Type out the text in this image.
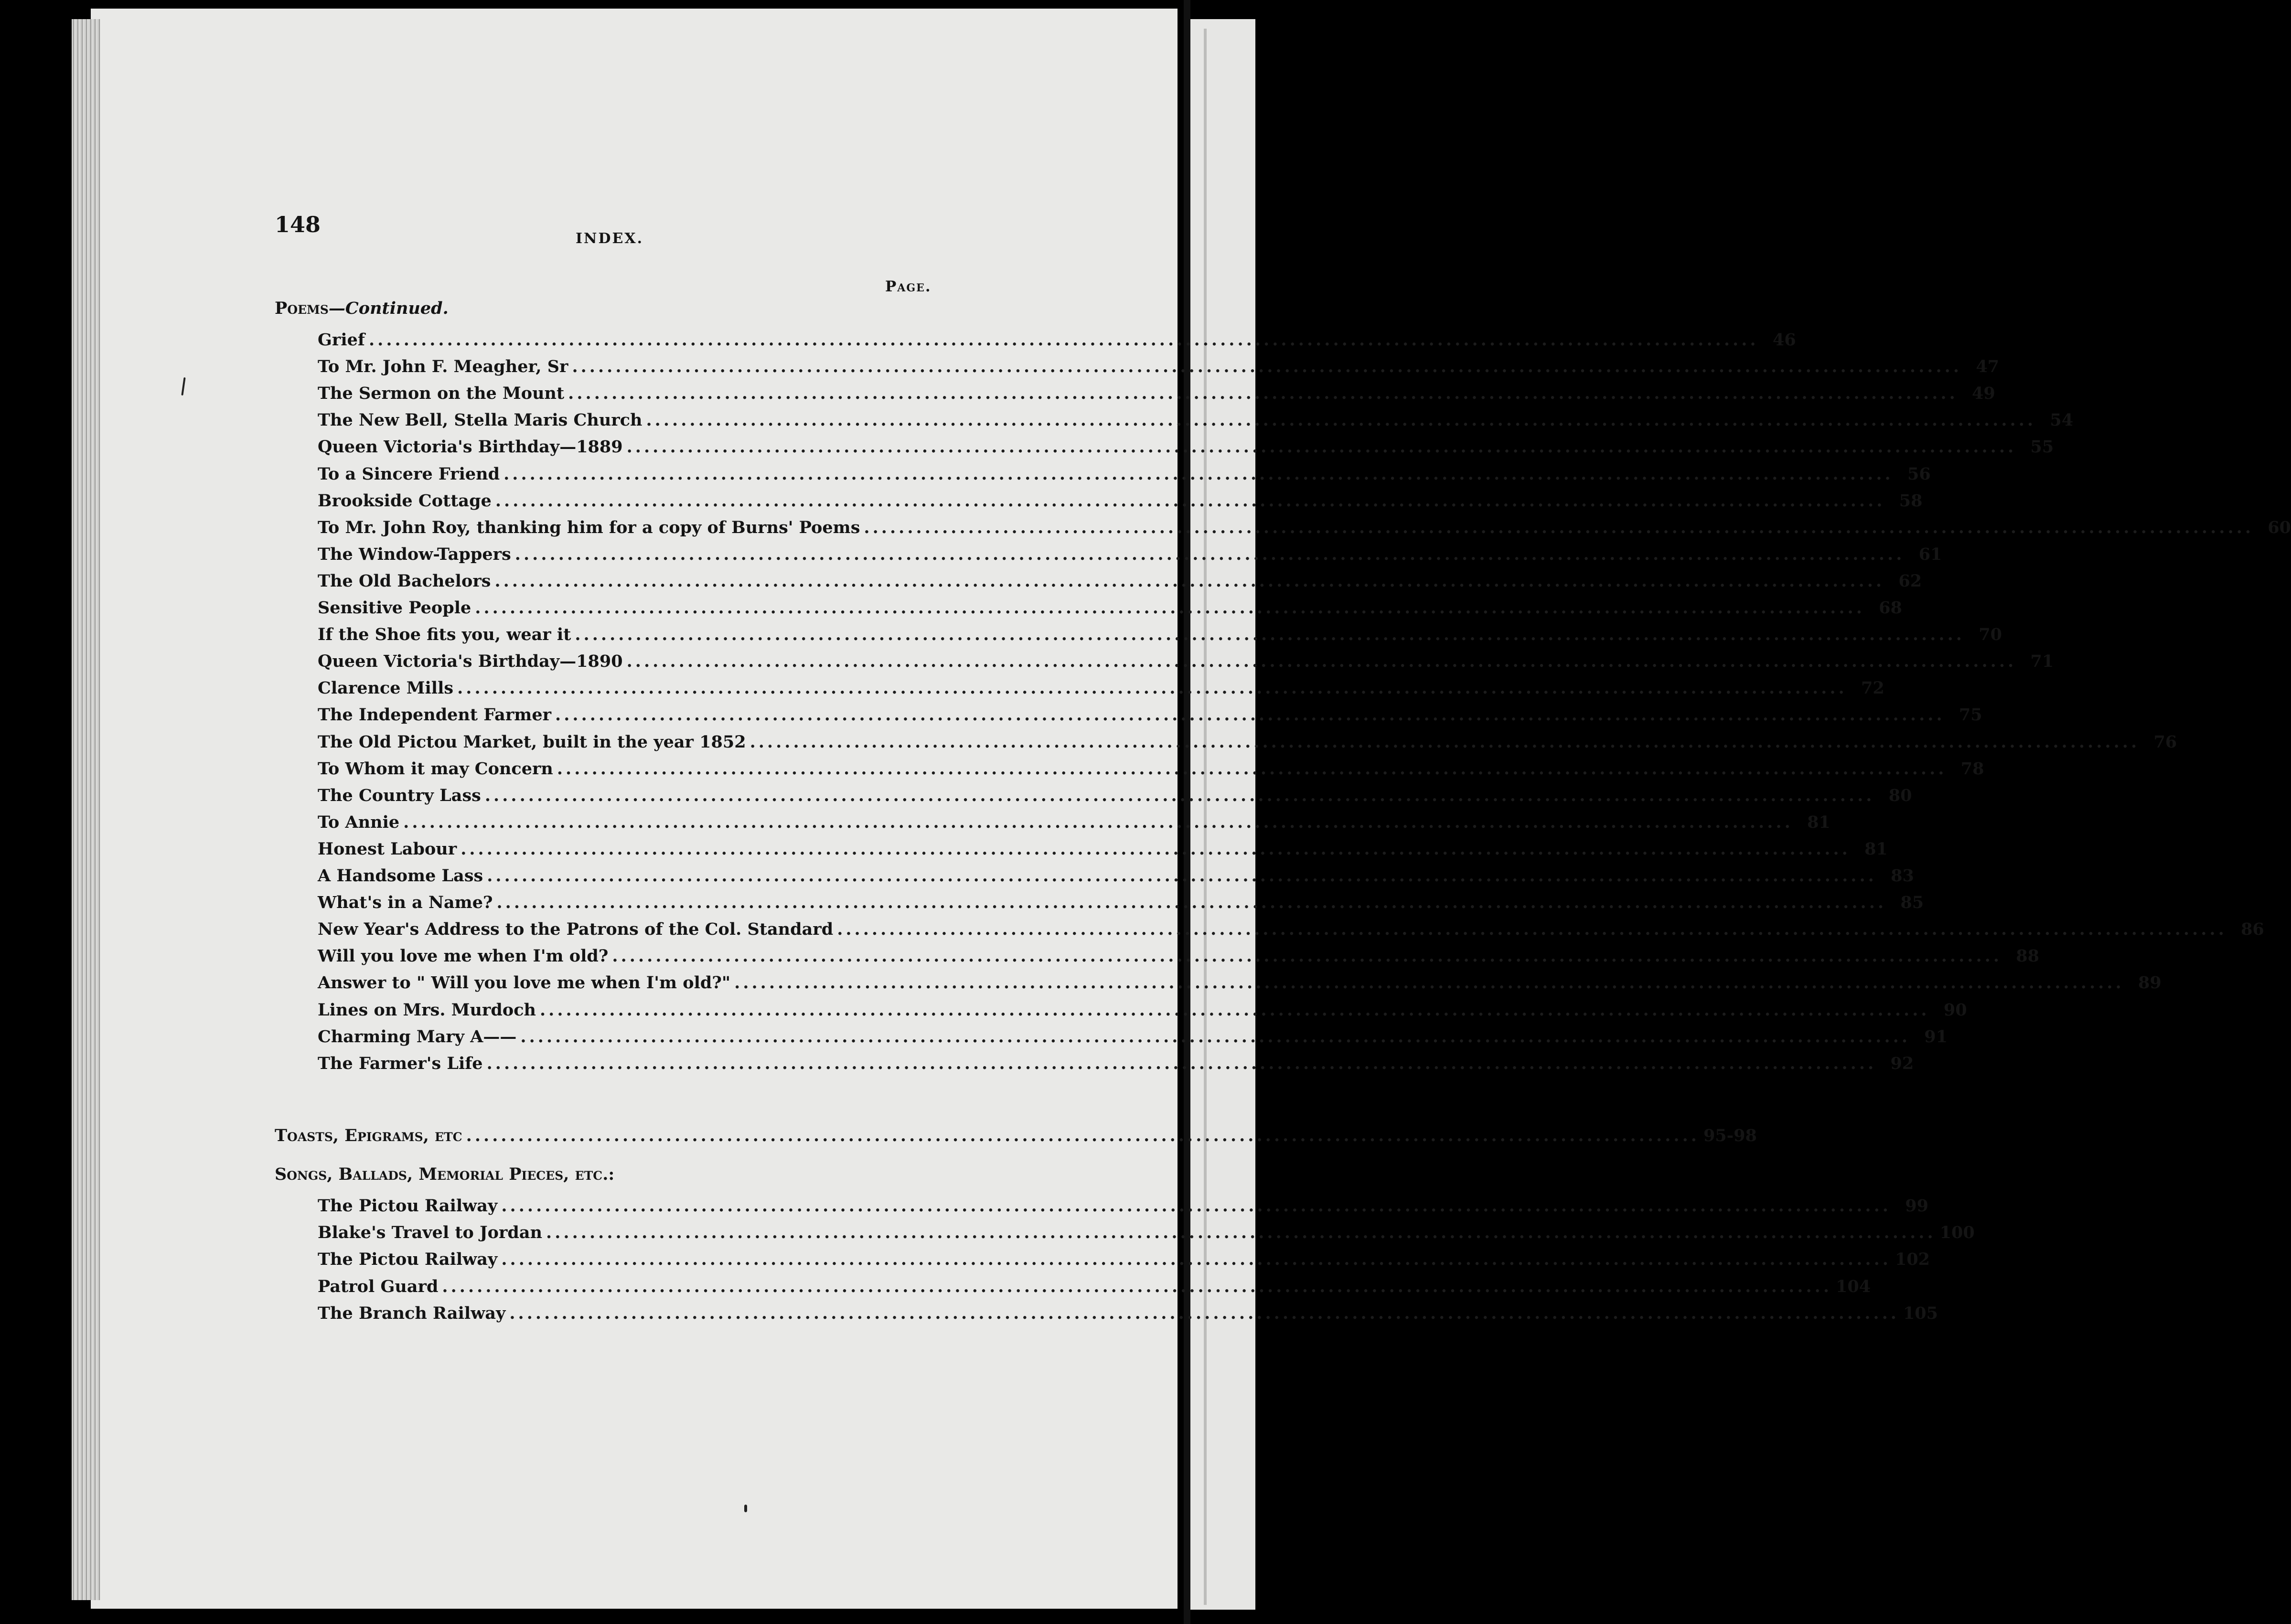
148
INDEX.
Page.
Poems—Continued.
Grief ................................................................................................................................................................ 46
To Mr. John F. Meagher, Sr ................................................................................................................................................................ 47
The Sermon on the Mount ................................................................................................................................................................ 49
The New Bell, Stella Maris Church ................................................................................................................................................................ 54
Queen Victoria's Birthday—1889 ................................................................................................................................................................ 55
To a Sincere Friend ................................................................................................................................................................ 56
Brookside Cottage ................................................................................................................................................................ 58
To Mr. John Roy, thanking him for a copy of Burns' Poems ................................................................................................................................................................ 60
The Window-Tappers ................................................................................................................................................................ 61
The Old Bachelors ................................................................................................................................................................ 62
Sensitive People ................................................................................................................................................................ 68
If the Shoe fits you, wear it ................................................................................................................................................................ 70
Queen Victoria's Birthday—1890 ................................................................................................................................................................ 71
Clarence Mills ................................................................................................................................................................ 72
The Independent Farmer ................................................................................................................................................................ 75
The Old Pictou Market, built in the year 1852 ................................................................................................................................................................ 76
To Whom it may Concern ................................................................................................................................................................ 78
The Country Lass ................................................................................................................................................................ 80
To Annie ................................................................................................................................................................ 81
Honest Labour ................................................................................................................................................................ 81
A Handsome Lass ................................................................................................................................................................ 83
What's in a Name? ................................................................................................................................................................ 85
New Year's Address to the Patrons of the Col. Standard ................................................................................................................................................................ 86
Will you love me when I'm old? ................................................................................................................................................................ 88
Answer to " Will you love me when I'm old?" ................................................................................................................................................................ 89
Lines on Mrs. Murdoch ................................................................................................................................................................ 90
Charming Mary A—— ................................................................................................................................................................ 91
The Farmer's Life ................................................................................................................................................................ 92
Toasts, Epigrams, etc .............................................................................................................................................. 95-98
Songs, Ballads, Memorial Pieces, etc.:
The Pictou Railway ................................................................................................................................................................ 99
Blake's Travel to Jordan ................................................................................................................................................................ 100
The Pictou Railway ................................................................................................................................................................ 102
Patrol Guard ................................................................................................................................................................ 104
The Branch Railway ................................................................................................................................................................ 105
